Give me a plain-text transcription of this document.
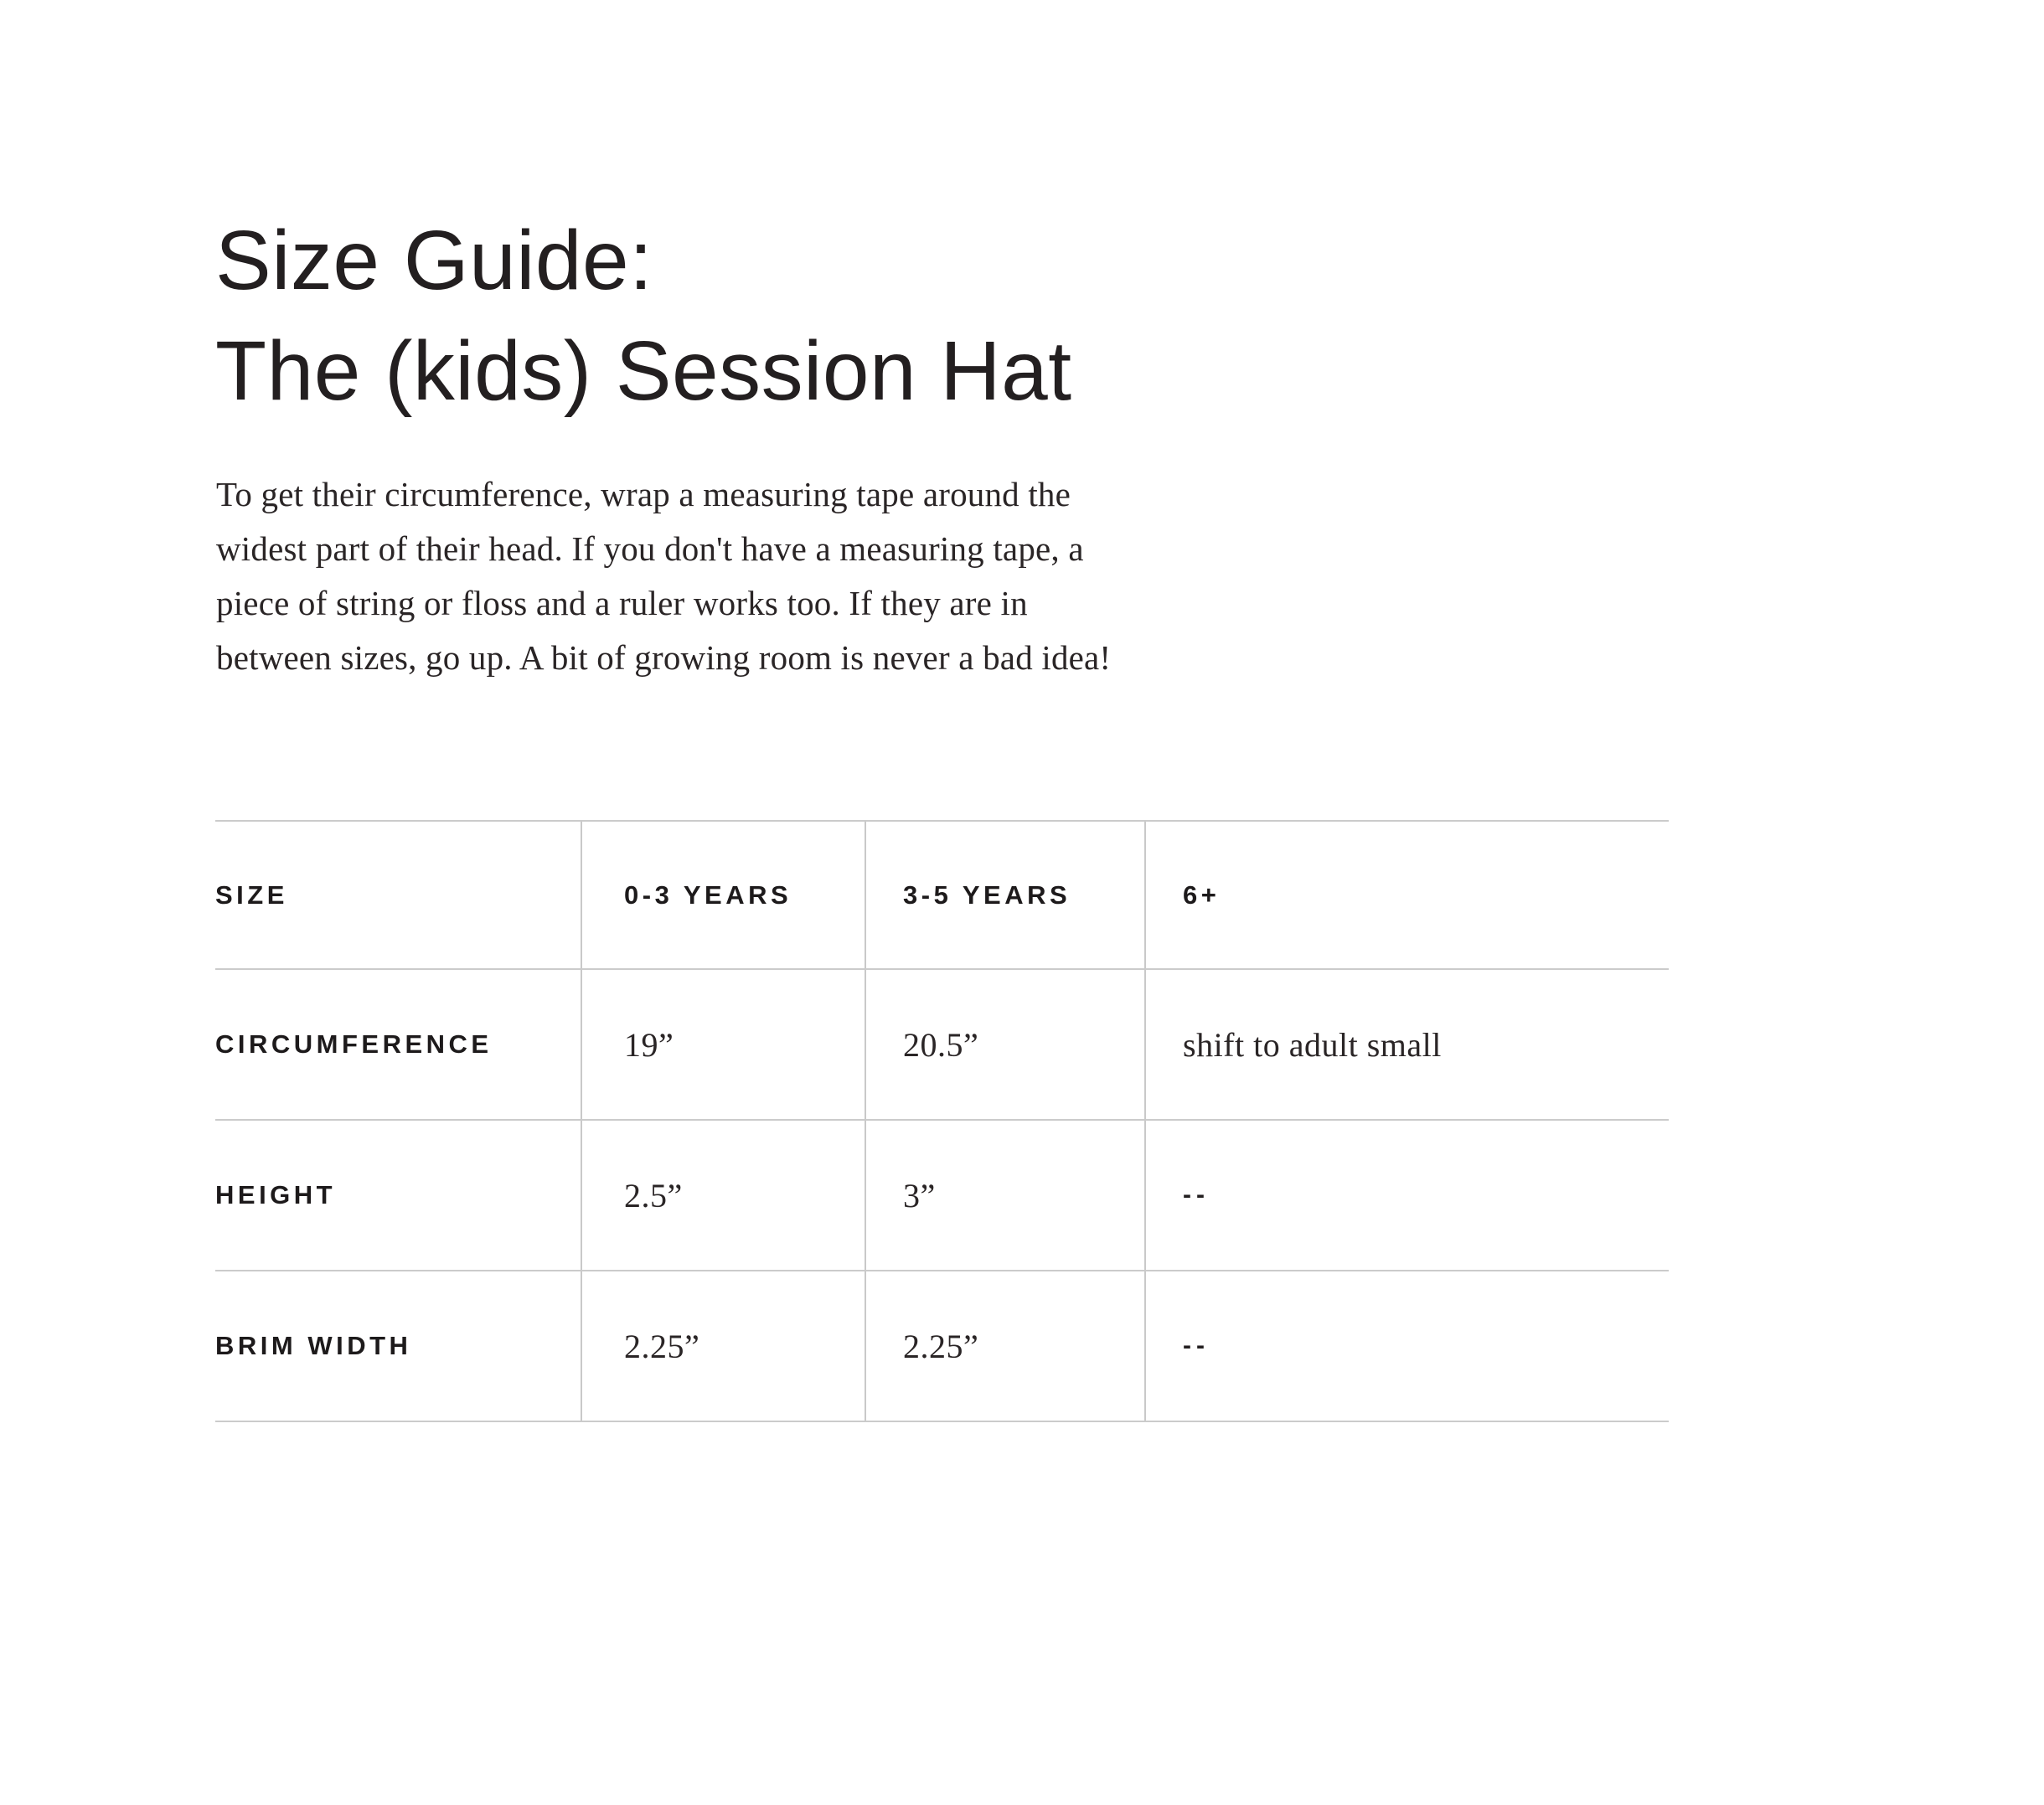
Size Guide:
The (kids) Session Hat
To get their circumference, wrap a measuring tape around the
widest part of their head. If you don't have a measuring tape, a
piece of string or floss and a ruler works too. If they are in
between sizes, go up. A bit of growing room is never a bad idea!
SIZE	0-3 YEARS	3-5 YEARS	6+
CIRCUMFERENCE	19”	20.5”	shift to adult small
HEIGHT	2.5”	3”	--
BRIM WIDTH	2.25”	2.25”	--
